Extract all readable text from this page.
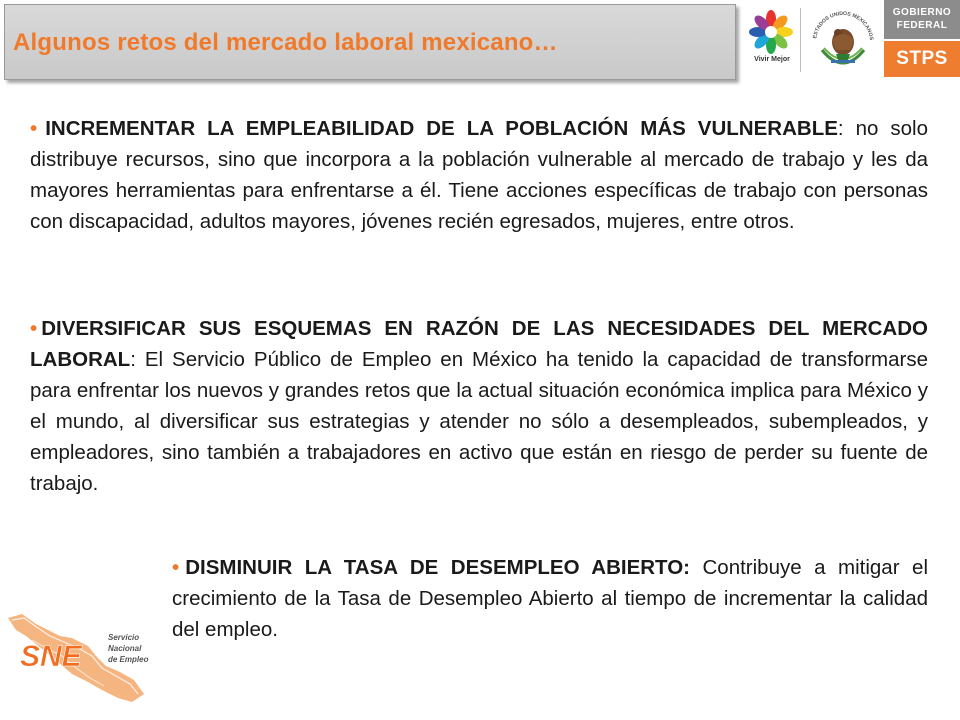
Algunos retos del mercado laboral mexicano…
Vivir Mejor
ESTADOS UNIDOS MEXICANOS
GOBIERNO
FEDERAL
STPS

• INCREMENTAR LA EMPLEABILIDAD DE LA POBLACIÓN MÁS VULNERABLE: no solo distribuye recursos, sino que incorpora a la población vulnerable al mercado de trabajo y les da mayores herramientas para enfrentarse a él. Tiene acciones específicas de trabajo con personas con discapacidad, adultos mayores, jóvenes recién egresados, mujeres, entre otros.

• DIVERSIFICAR SUS ESQUEMAS EN RAZÓN DE LAS NECESIDADES DEL MERCADO LABORAL: El Servicio Público de Empleo en México ha tenido la capacidad de transformarse para enfrentar los nuevos y grandes retos que la actual situación económica implica para México y el mundo, al diversificar sus estrategias y atender no sólo a desempleados, subempleados, y empleadores, sino también a trabajadores en activo que están en riesgo de perder su fuente de trabajo.

• DISMINUIR LA TASA DE DESEMPLEO ABIERTO: Contribuye a mitigar el crecimiento de la Tasa de Desempleo Abierto al tiempo de incrementar la calidad del empleo.

SNE
Servicio
Nacional
de Empleo
